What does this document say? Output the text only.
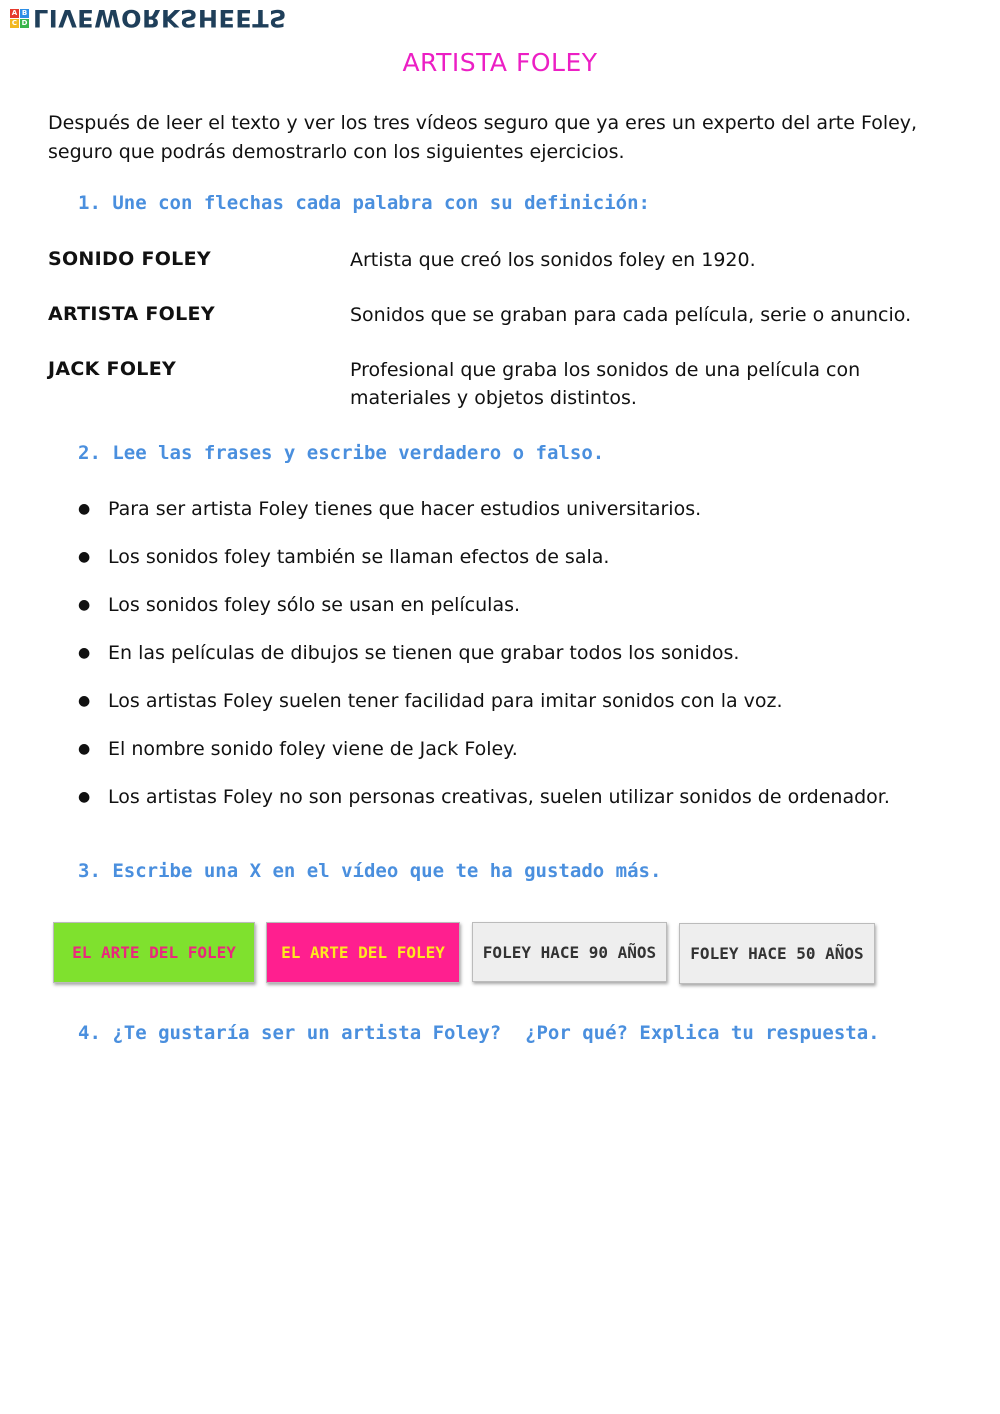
A B
C D LIVEWORKSHEETS
ARTISTA FOLEY
Después de leer el texto y ver los tres vídeos seguro que ya eres un experto del arte Foley, seguro que podrás demostrarlo con los siguientes ejercicios.
1. Une con flechas cada palabra con su definición:
SONIDO FOLEY	Artista que creó los sonidos foley en 1920.
ARTISTA FOLEY	Sonidos que se graban para cada película, serie o anuncio.
JACK FOLEY	Profesional que graba los sonidos de una película con materiales y objetos distintos.
2. Lee las frases y escribe verdadero o falso.
● Para ser artista Foley tienes que hacer estudios universitarios.
● Los sonidos foley también se llaman efectos de sala.
● Los sonidos foley sólo se usan en películas.
● En las películas de dibujos se tienen que grabar todos los sonidos.
● Los artistas Foley suelen tener facilidad para imitar sonidos con la voz.
● El nombre sonido foley viene de Jack Foley.
● Los artistas Foley no son personas creativas, suelen utilizar sonidos de ordenador.
3. Escribe una X en el vídeo que te ha gustado más.
EL ARTE DEL FOLEY	EL ARTE DEL FOLEY	FOLEY HACE 90 AÑOS	FOLEY HACE 50 AÑOS
4. ¿Te gustaría ser un artista Foley? ¿Por qué? Explica tu respuesta.
